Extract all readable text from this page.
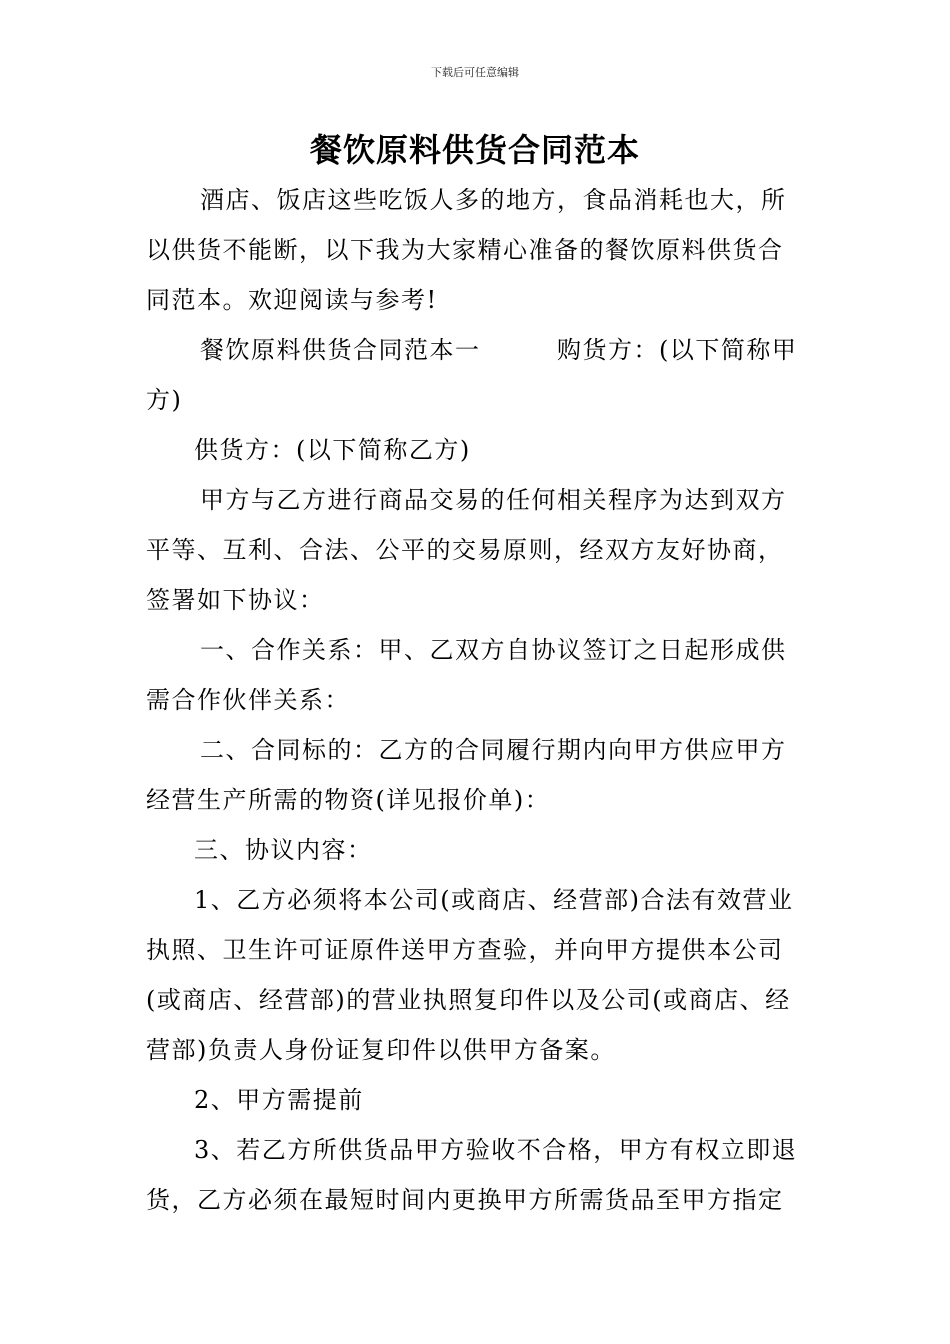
下载后可任意编辑
餐饮原料供货合同范本
酒店、饭店这些吃饭人多的地方，食品消耗也大，所
以供货不能断，以下我为大家精心准备的餐饮原料供货合
同范本。欢迎阅读与参考!
餐饮原料供货合同范本一　　　购货方：(以下简称甲
方)
供货方：(以下简称乙方)
甲方与乙方进行商品交易的任何相关程序为达到双方
平等、互利、合法、公平的交易原则，经双方友好协商，
签署如下协议：
一、合作关系：甲、乙双方自协议签订之日起形成供
需合作伙伴关系：
二、合同标的：乙方的合同履行期内向甲方供应甲方
经营生产所需的物资(详见报价单)：
三、协议内容：
1、乙方必须将本公司(或商店、经营部)合法有效营业
执照、卫生许可证原件送甲方查验，并向甲方提供本公司
(或商店、经营部)的营业执照复印件以及公司(或商店、经
营部)负责人身份证复印件以供甲方备案。
2、甲方需提前
3、若乙方所供货品甲方验收不合格，甲方有权立即退
货，乙方必须在最短时间内更换甲方所需货品至甲方指定
